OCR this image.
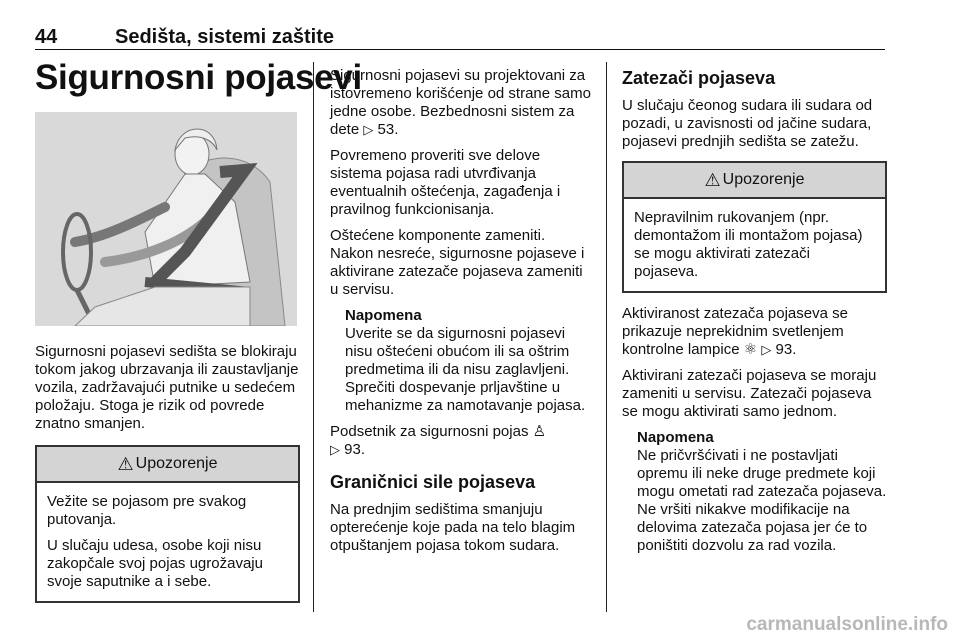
44	Sedišta, sistemi zaštite
Sigurnosni pojasevi

Sigurnosni pojasevi sedišta se blokiraju tokom jakog ubrzavanja ili zaustavljanje vozila, zadržavajući putnike u sedećem položaju. Stoga je rizik od povrede znatno smanjen.

⚠ Upozorenje

Vežite se pojasom pre svakog putovanja.

U slučaju udesa, osobe koji nisu zakopčale svoj pojas ugrožavaju svoje saputnike a i sebe.

Sigurnosni pojasevi su projektovani za istovremeno korišćenje od strane samo jedne osobe. Bezbednosni sistem za dete ▷ 53.

Povremeno proveriti sve delove sistema pojasa radi utvrđivanja eventualnih oštećenja, zagađenja i pravilnog funkcionisanja.

Oštećene komponente zameniti. Nakon nesreće, sigurnosne pojaseve i aktivirane zatezače pojaseva zameniti u servisu.

Napomena

Uverite se da sigurnosni pojasevi nisu oštećeni obućom ili sa oštrim predmetima ili da nisu zaglavljeni. Sprečiti dospevanje prljavštine u mehanizme za namotavanje pojasa.

Podsetnik za sigurnosni pojas ♙
▷ 93.

Graničnici sile pojaseva

Na prednjim sedištima smanjuju opterećenje koje pada na telo blagim otpuštanjem pojasa tokom sudara.

Zatezači pojaseva

U slučaju čeonog sudara ili sudara od pozadi, u zavisnosti od jačine sudara, pojasevi prednjih sedišta se zatežu.

⚠ Upozorenje

Nepravilnim rukovanjem (npr. demontažom ili montažom pojasa) se mogu aktivirati zatezači pojaseva.

Aktiviranost zatezača pojaseva se prikazuje neprekidnim svetlenjem kontrolne lampice ⚛ ▷ 93.

Aktivirani zatezači pojaseva se moraju zameniti u servisu. Zatezači pojaseva se mogu aktivirati samo jednom.

Napomena

Ne pričvršćivati i ne postavljati opremu ili neke druge predmete koji mogu ometati rad zatezača pojaseva. Ne vršiti nikakve modifikacije na delovima zatezača pojasa jer će to poništiti dozvolu za rad vozila.

carmanualsonline.info
